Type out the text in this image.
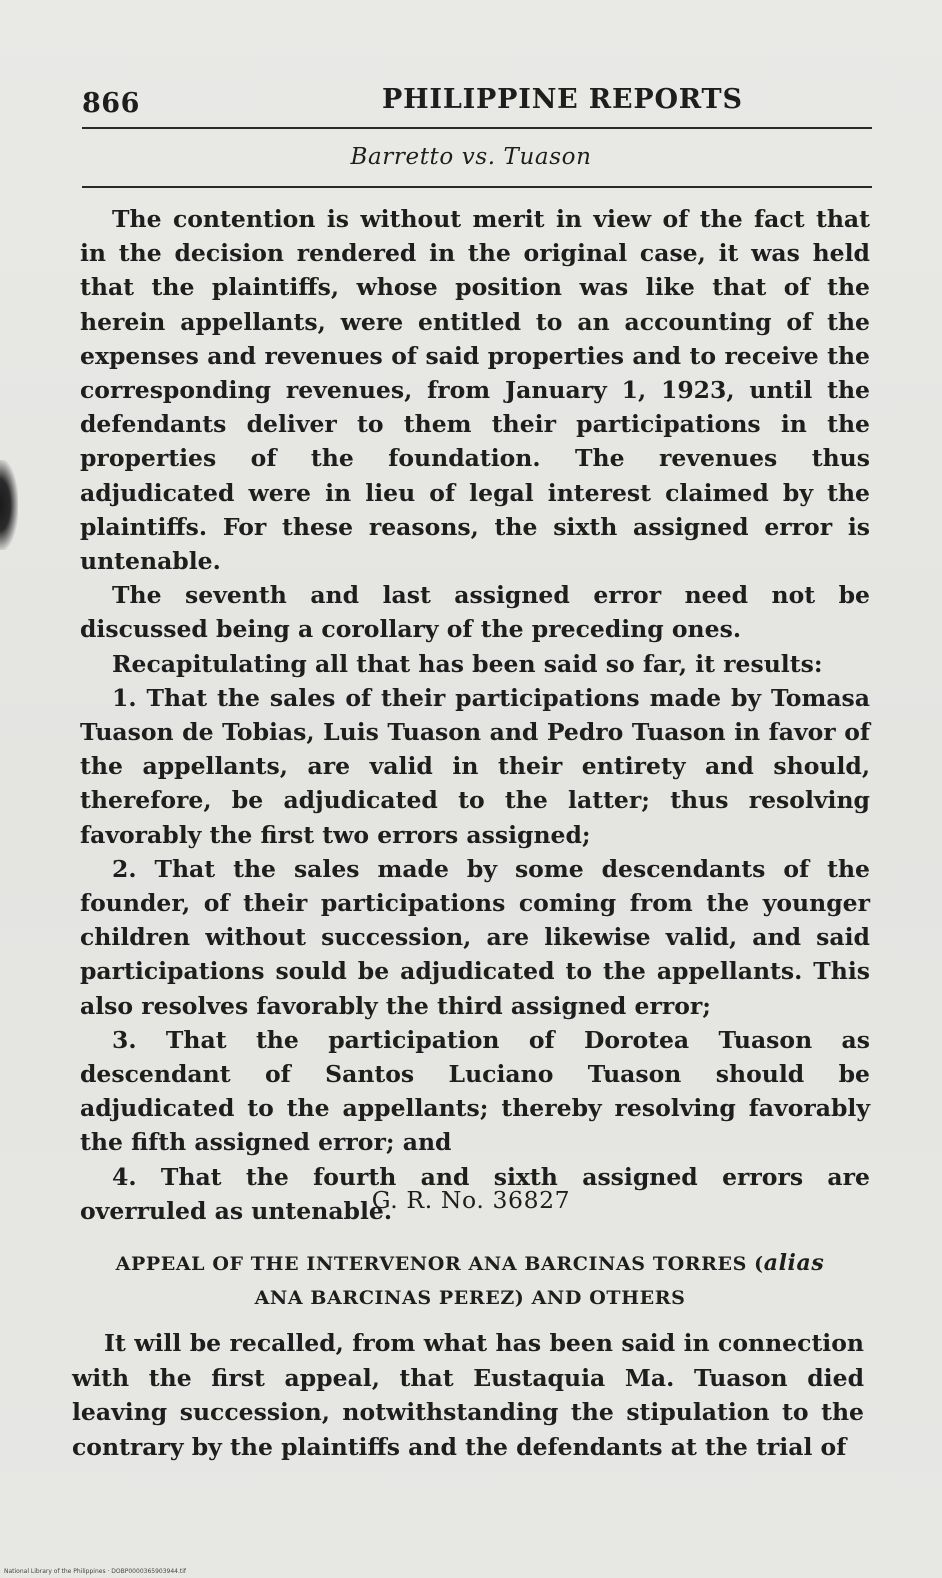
866	PHILIPPINE REPORTS
Barretto vs. Tuason

The contention is without merit in view of the fact that in the decision rendered in the original case, it was held that the plaintiffs, whose position was like that of the herein appellants, were entitled to an accounting of the expenses and revenues of said properties and to receive the corresponding revenues, from January 1, 1923, until the defendants deliver to them their participations in the properties of the foundation. The revenues thus adjudicated were in lieu of legal interest claimed by the plaintiffs. For these reasons, the sixth assigned error is untenable.

The seventh and last assigned error need not be discussed being a corollary of the preceding ones.

Recapitulating all that has been said so far, it results:

1. That the sales of their participations made by Tomasa Tuason de Tobias, Luis Tuason and Pedro Tuason in favor of the appellants, are valid in their entirety and should, therefore, be adjudicated to the latter; thus resolving favorably the first two errors assigned;

2. That the sales made by some descendants of the founder, of their participations coming from the younger children without succession, are likewise valid, and said participations sould be adjudicated to the appellants. This also resolves favorably the third assigned error;

3. That the participation of Dorotea Tuason as descendant of Santos Luciano Tuason should be adjudicated to the appellants; thereby resolving favorably the fifth assigned error; and

4. That the fourth and sixth assigned errors are overruled as untenable.

G. R. No. 36827
APPEAL OF THE INTERVENOR ANA BARCINAS TORRES (alias
ANA BARCINAS PEREZ) AND OTHERS

It will be recalled, from what has been said in connection with the first appeal, that Eustaquia Ma. Tuason died leaving succession, notwithstanding the stipulation to the contrary by the plaintiffs and the defendants at the trial of

National Library of the Philippines · DOBP0000365903944.tif
